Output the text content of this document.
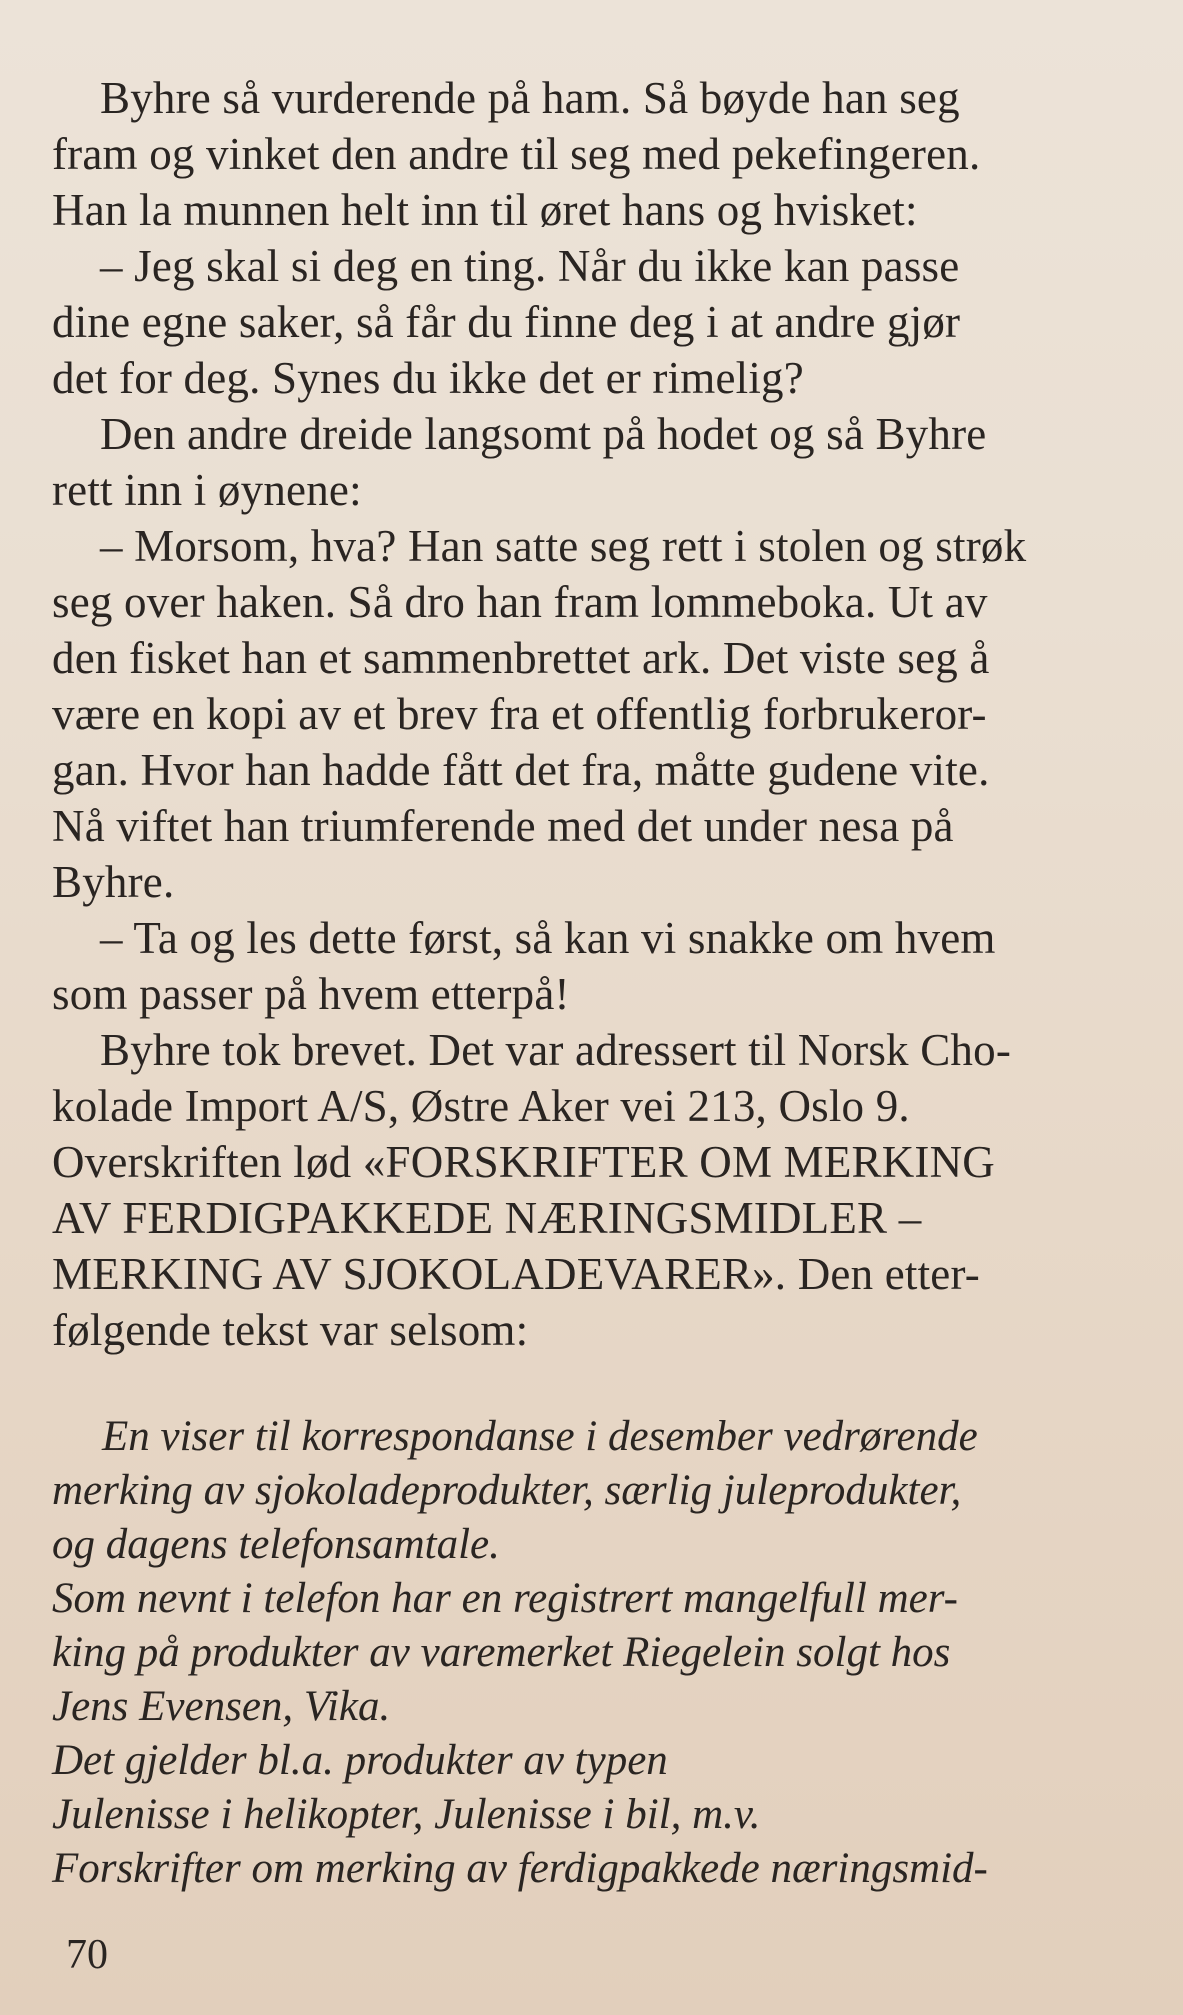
Byhre så vurderende på ham. Så bøyde han seg
fram og vinket den andre til seg med pekefingeren.
Han la munnen helt inn til øret hans og hvisket:

– Jeg skal si deg en ting. Når du ikke kan passe
dine egne saker, så får du finne deg i at andre gjør
det for deg. Synes du ikke det er rimelig?

Den andre dreide langsomt på hodet og så Byhre
rett inn i øynene:

– Morsom, hva? Han satte seg rett i stolen og strøk
seg over haken. Så dro han fram lommeboka. Ut av
den fisket han et sammenbrettet ark. Det viste seg å
være en kopi av et brev fra et offentlig forbrukeror-
gan. Hvor han hadde fått det fra, måtte gudene vite.
Nå viftet han triumferende med det under nesa på
Byhre.

– Ta og les dette først, så kan vi snakke om hvem
som passer på hvem etterpå!

Byhre tok brevet. Det var adressert til Norsk Cho-
kolade Import A/S, Østre Aker vei 213, Oslo 9.
Overskriften lød «FORSKRIFTER OM MERKING
AV FERDIGPAKKEDE NÆRINGSMIDLER –
MERKING AV SJOKOLADEVARER». Den etter-
følgende tekst var selsom:

En viser til korrespondanse i desember vedrørende
merking av sjokoladeprodukter, særlig juleprodukter,
og dagens telefonsamtale.
Som nevnt i telefon har en registrert mangelfull mer-
king på produkter av varemerket Riegelein solgt hos
Jens Evensen, Vika.
Det gjelder bl.a. produkter av typen
Julenisse i helikopter, Julenisse i bil, m.v.
Forskrifter om merking av ferdigpakkede næringsmid-
70
